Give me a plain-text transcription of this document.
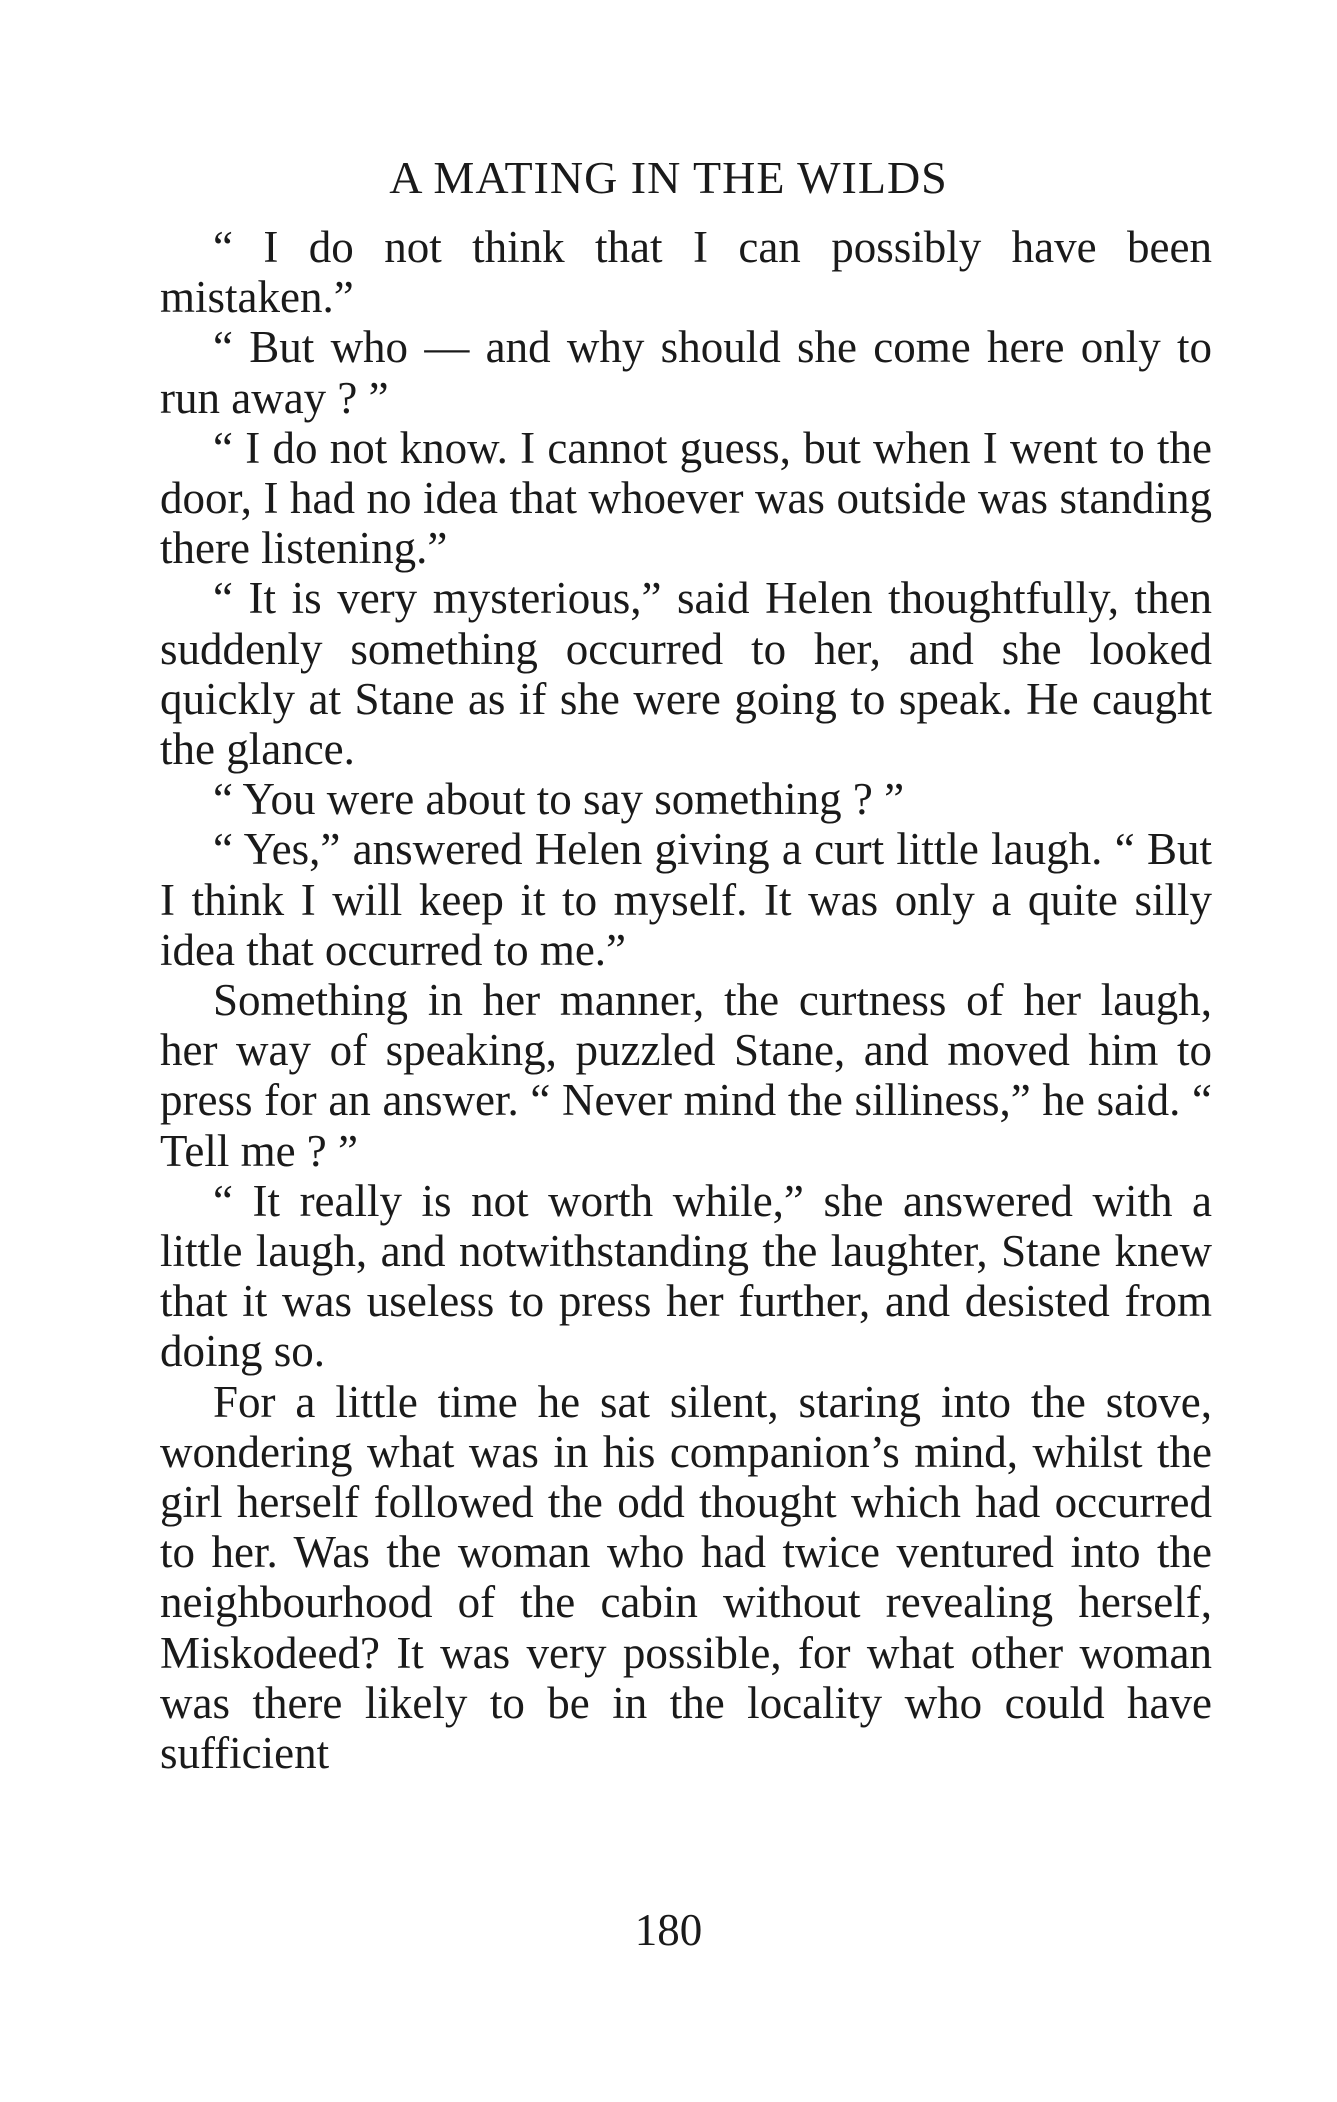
A MATING IN THE WILDS

“ I do not think that I can possibly have been mistaken.”

“ But who — and why should she come here only to run away ? ”

“ I do not know. I cannot guess, but when I went to the door, I had no idea that whoever was outside was standing there listening.”

“ It is very mysterious,” said Helen thoughtfully, then suddenly something occurred to her, and she looked quickly at Stane as if she were going to speak. He caught the glance.

“ You were about to say something ? ”

“ Yes,” answered Helen giving a curt little laugh. “ But I think I will keep it to myself. It was only a quite silly idea that occurred to me.”

Something in her manner, the curtness of her laugh, her way of speaking, puzzled Stane, and moved him to press for an answer. “ Never mind the silliness,” he said. “ Tell me ? ”

“ It really is not worth while,” she answered with a little laugh, and notwithstanding the laughter, Stane knew that it was useless to press her further, and desisted from doing so.

For a little time he sat silent, staring into the stove, wondering what was in his companion’s mind, whilst the girl herself followed the odd thought which had occurred to her. Was the woman who had twice ventured into the neighbourhood of the cabin without revealing herself, Miskodeed? It was very possible, for what other woman was there likely to be in the locality who could have sufficient

180
